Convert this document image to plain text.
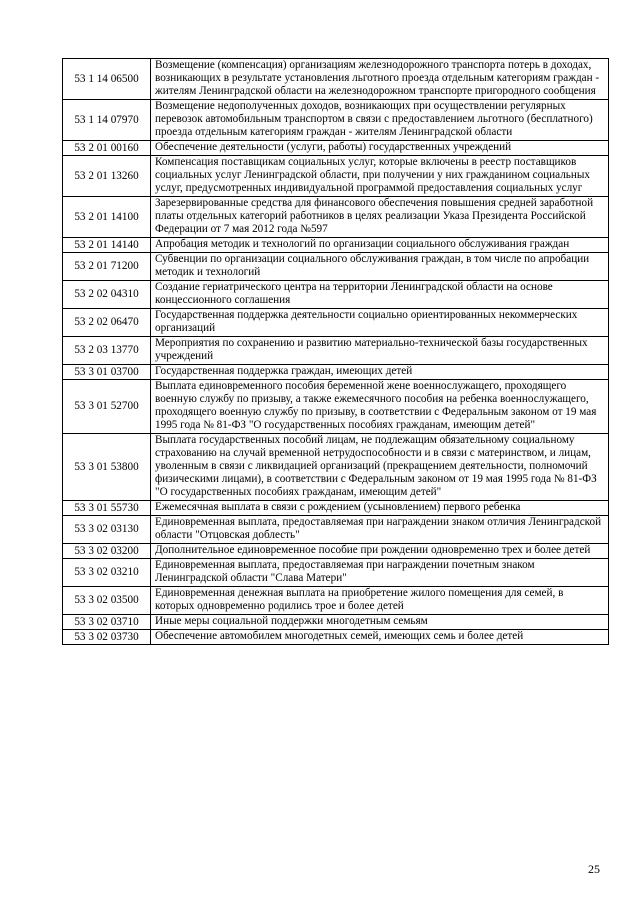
53 1 14 06500	Возмещение (компенсация) организациям железнодорожного транспорта потерь в доходах, возникающих в результате установления льготного проезда отдельным категориям граждан - жителям Ленинградской области на железнодорожном транспорте пригородного сообщения
53 1 14 07970	Возмещение недополученных доходов, возникающих при осуществлении регулярных перевозок автомобильным транспортом в связи с предоставлением льготного (бесплатного) проезда отдельным категориям граждан - жителям Ленинградской области
53 2 01 00160	Обеспечение деятельности (услуги, работы) государственных учреждений
53 2 01 13260	Компенсация поставщикам социальных услуг, которые включены в реестр поставщиков социальных услуг Ленинградской области, при получении у них гражданином социальных услуг, предусмотренных индивидуальной программой предоставления социальных услуг
53 2 01 14100	Зарезервированные средства для финансового обеспечения повышения средней заработной платы отдельных категорий работников в целях реализации Указа Президента Российской Федерации от 7 мая 2012 года №597
53 2 01 14140	Апробация методик и технологий по организации социального обслуживания граждан
53 2 01 71200	Субвенции по организации социального обслуживания граждан, в том числе по апробации методик и технологий
53 2 02 04310	Создание гериатрического центра на территории Ленинградской области на основе концессионного соглашения
53 2 02 06470	Государственная поддержка деятельности социально ориентированных некоммерческих организаций
53 2 03 13770	Мероприятия по сохранению и развитию материально-технической базы государственных учреждений
53 3 01 03700	Государственная поддержка граждан, имеющих детей
53 3 01 52700	Выплата единовременного пособия беременной жене военнослужащего, проходящего военную службу по призыву, а также ежемесячного пособия на ребенка военнослужащего, проходящего военную службу по призыву, в соответствии с Федеральным законом от 19 мая 1995 года № 81-ФЗ "О государственных пособиях гражданам, имеющим детей"
53 3 01 53800	Выплата государственных пособий лицам, не подлежащим обязательному социальному страхованию на случай временной нетрудоспособности и в связи с материнством, и лицам, уволенным в связи с ликвидацией организаций (прекращением деятельности, полномочий физическими лицами), в соответствии с Федеральным законом от 19 мая 1995 года № 81-ФЗ "О государственных пособиях гражданам, имеющим детей"
53 3 01 55730	Ежемесячная выплата в связи с рождением (усыновлением) первого ребенка
53 3 02 03130	Единовременная выплата, предоставляемая при награждении знаком отличия Ленинградской области "Отцовская доблесть"
53 3 02 03200	Дополнительное единовременное пособие при рождении одновременно трех и более детей
53 3 02 03210	Единовременная выплата, предоставляемая при награждении почетным знаком Ленинградской области "Слава Матери"
53 3 02 03500	Единовременная денежная выплата на приобретение жилого помещения для семей, в которых одновременно родились трое и более детей
53 3 02 03710	Иные меры социальной поддержки многодетным семьям
53 3 02 03730	Обеспечение автомобилем многодетных семей, имеющих семь и более детей
25
